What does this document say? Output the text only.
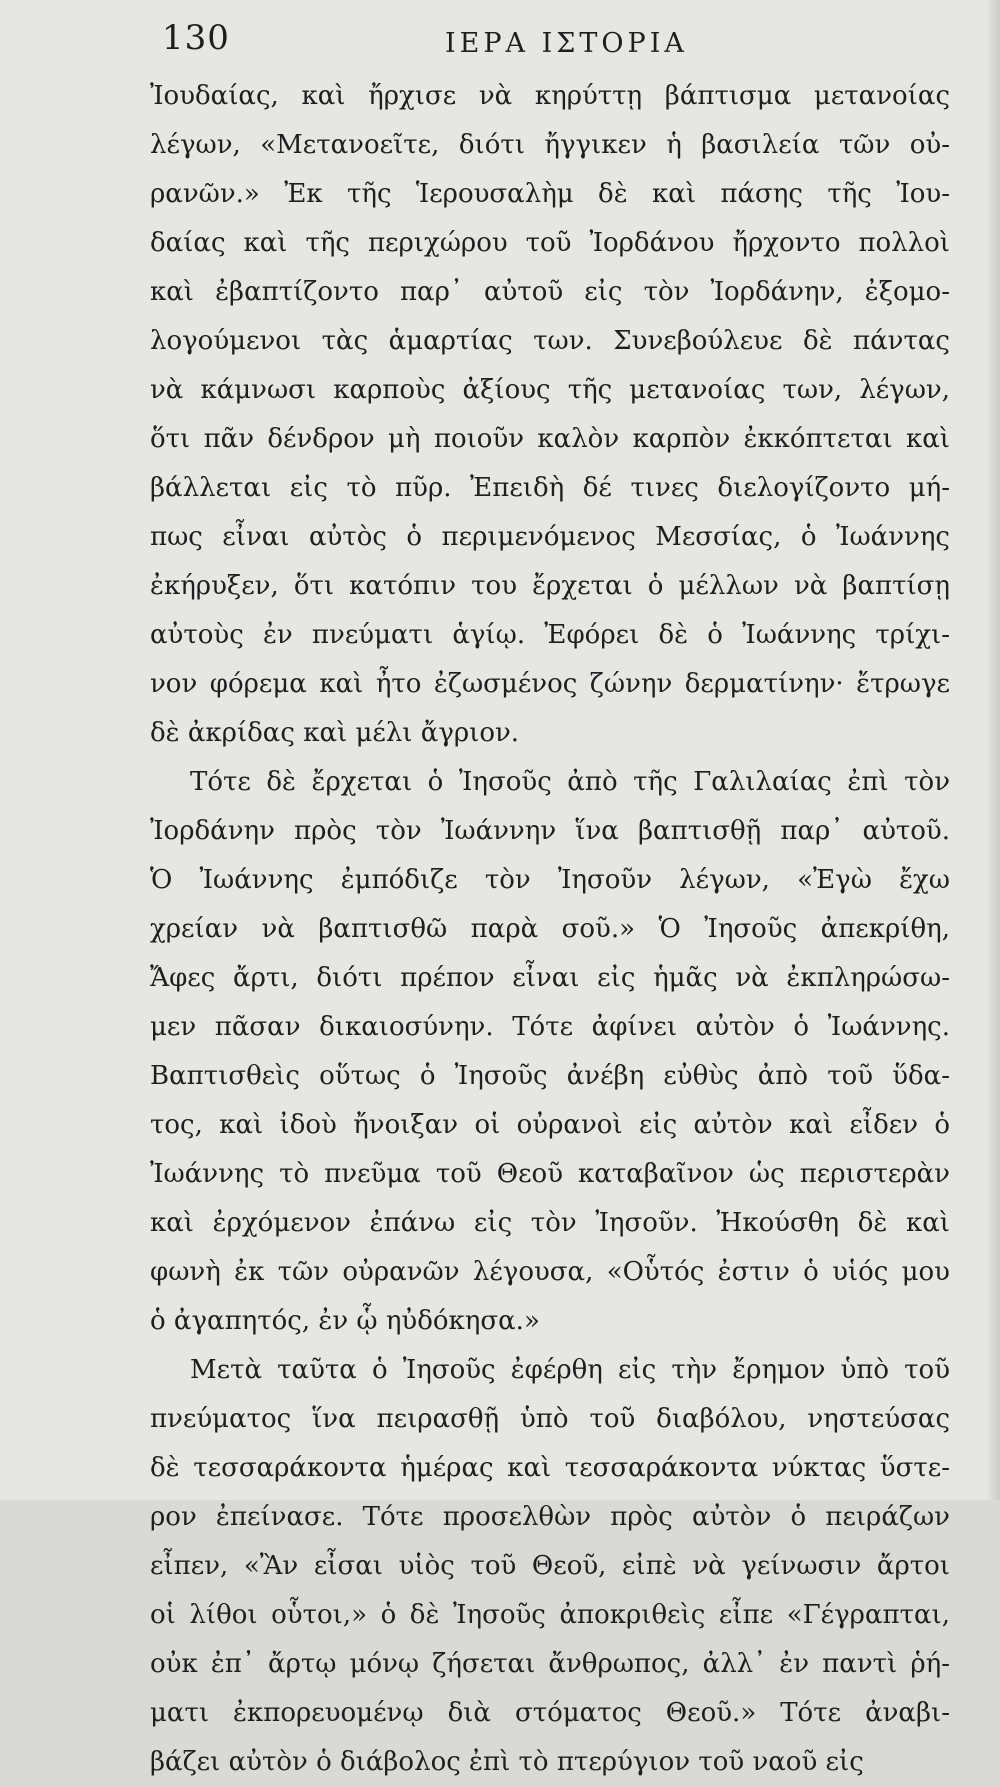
130	ΙΕΡΑ ΙΣΤΟΡΙΑ
Ἰουδαίας, καὶ ἤρχισε νὰ κηρύττῃ βάπτισμα μετανοίας
λέγων, «Μετανοεῖτε, διότι ἤγγικεν ἡ βασιλεία τῶν οὐ-
ρανῶν.» Ἐκ τῆς Ἱερουσαλὴμ δὲ καὶ πάσης τῆς Ἰου-
δαίας καὶ τῆς περιχώρου τοῦ Ἰορδάνου ἤρχοντο πολλοὶ
καὶ ἐβαπτίζοντο παρ᾿ αὐτοῦ εἰς τὸν Ἰορδάνην, ἐξομο-
λογούμενοι τὰς ἁμαρτίας των. Συνεβούλευε δὲ πάντας
νὰ κάμνωσι καρποὺς ἀξίους τῆς μετανοίας των, λέγων,
ὅτι πᾶν δένδρον μὴ ποιοῦν καλὸν καρπὸν ἐκκόπτεται καὶ
βάλλεται εἰς τὸ πῦρ. Ἐπειδὴ δέ τινες διελογίζοντο μή-
πως εἶναι αὐτὸς ὁ περιμενόμενος Μεσσίας, ὁ Ἰωάννης
ἐκήρυξεν, ὅτι κατόπιν του ἔρχεται ὁ μέλλων νὰ βαπτίσῃ
αὐτοὺς ἐν πνεύματι ἁγίῳ. Ἐφόρει δὲ ὁ Ἰωάννης τρίχι-
νον φόρεμα καὶ ἦτο ἐζωσμένος ζώνην δερματίνην· ἔτρωγε
δὲ ἀκρίδας καὶ μέλι ἄγριον.
Τότε δὲ ἔρχεται ὁ Ἰησοῦς ἀπὸ τῆς Γαλιλαίας ἐπὶ τὸν
Ἰορδάνην πρὸς τὸν Ἰωάννην ἵνα βαπτισθῇ παρ᾿ αὐτοῦ.
Ὁ Ἰωάννης ἐμπόδιζε τὸν Ἰησοῦν λέγων, «Ἐγὼ ἔχω
χρείαν νὰ βαπτισθῶ παρὰ σοῦ.» Ὁ Ἰησοῦς ἀπεκρίθη,
Ἄφες ἄρτι, διότι πρέπον εἶναι εἰς ἡμᾶς νὰ ἐκπληρώσω-
μεν πᾶσαν δικαιοσύνην. Τότε ἀφίνει αὐτὸν ὁ Ἰωάννης.
Βαπτισθεὶς οὕτως ὁ Ἰησοῦς ἀνέβη εὐθὺς ἀπὸ τοῦ ὕδα-
τος, καὶ ἰδοὺ ἤνοιξαν οἱ οὐρανοὶ εἰς αὐτὸν καὶ εἶδεν ὁ
Ἰωάννης τὸ πνεῦμα τοῦ Θεοῦ καταβαῖνον ὡς περιστερὰν
καὶ ἐρχόμενον ἐπάνω εἰς τὸν Ἰησοῦν. Ἠκούσθη δὲ καὶ
φωνὴ ἐκ τῶν οὐρανῶν λέγουσα, «Οὗτός ἐστιν ὁ υἱός μου
ὁ ἀγαπητός, ἐν ᾧ ηὐδόκησα.»
Μετὰ ταῦτα ὁ Ἰησοῦς ἐφέρθη εἰς τὴν ἔρημον ὑπὸ τοῦ
πνεύματος ἵνα πειρασθῇ ὑπὸ τοῦ διαβόλου, νηστεύσας
δὲ τεσσαράκοντα ἡμέρας καὶ τεσσαράκοντα νύκτας ὕστε-
ρον ἐπείνασε. Τότε προσελθὼν πρὸς αὐτὸν ὁ πειράζων
εἶπεν, «Ἂν εἶσαι υἱὸς τοῦ Θεοῦ, εἰπὲ νὰ γείνωσιν ἄρτοι
οἱ λίθοι οὗτοι,» ὁ δὲ Ἰησοῦς ἀποκριθεὶς εἶπε «Γέγραπται,
οὐκ ἐπ᾿ ἄρτῳ μόνῳ ζήσεται ἄνθρωπος, ἀλλ᾿ ἐν παντὶ ῥή-
ματι ἐκπορευομένῳ διὰ στόματος Θεοῦ.» Τότε ἀναβι-
βάζει αὐτὸν ὁ διάβολος ἐπὶ τὸ πτερύγιον τοῦ ναοῦ εἰς
